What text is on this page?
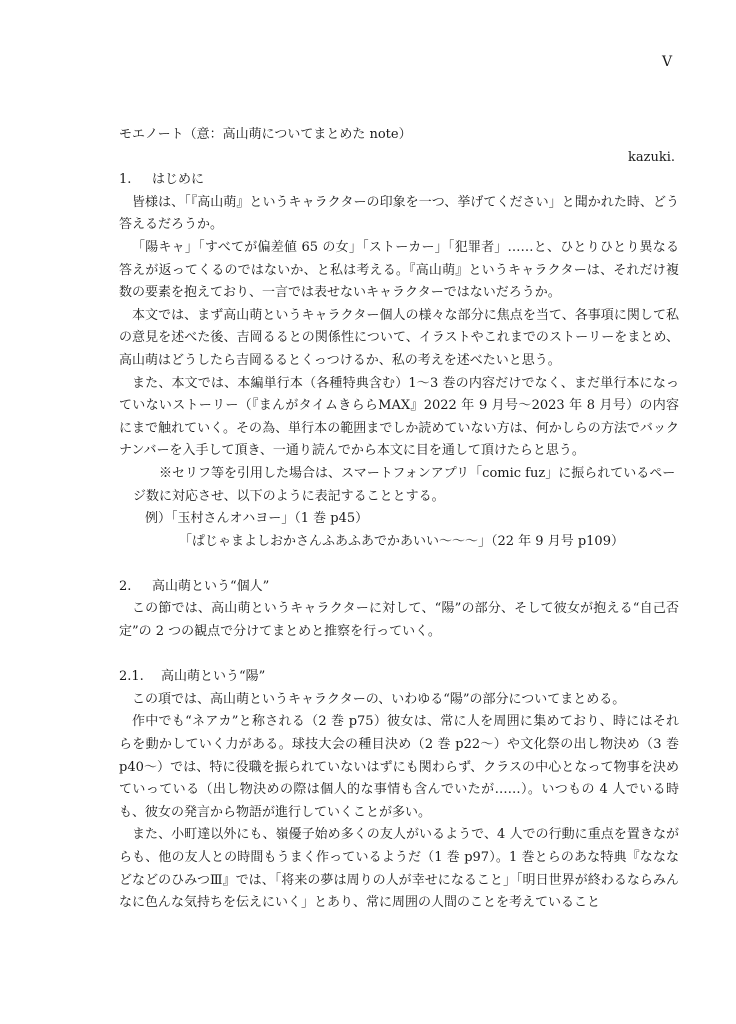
V
モエノート（意：高山萌についてまとめた note）
kazuki.
1.	はじめに

皆様は、「『高山萌』というキャラクターの印象を一つ、挙げてください」と聞かれた時、どう答えるだろうか。

「陽キャ」「すべてが偏差値 65 の女」「ストーカー」「犯罪者」……と、ひとりひとり異なる答えが返ってくるのではないか、と私は考える。『高山萌』というキャラクターは、それだけ複数の要素を抱えており、一言では表せないキャラクターではないだろうか。

本文では、まず高山萌というキャラクター個人の様々な部分に焦点を当て、各事項に関して私の意見を述べた後、吉岡るるとの関係性について、イラストやこれまでのストーリーをまとめ、高山萌はどうしたら吉岡るるとくっつけるか、私の考えを述べたいと思う。

また、本文では、本編単行本（各種特典含む）1〜3 巻の内容だけでなく、まだ単行本になっていないストーリー（『まんがタイムきららMAX』2022 年 9 月号〜2023 年 8 月号）の内容にまで触れていく。その為、単行本の範囲までしか読めていない方は、何かしらの方法でバックナンバーを入手して頂き、一通り読んでから本文に目を通して頂けたらと思う。

※セリフ等を引用した場合は、スマートフォンアプリ「comic fuz」に振られているページ数に対応させ、以下のように表記することとする。

例）「玉村さんオハヨー」（1 巻 p45）
「ぱじゃまよしおかさんふあふあでかあいい〜〜〜」（22 年 9 月号 p109）
2.	高山萌という“個人”

この節では、高山萌というキャラクターに対して、“陽”の部分、そして彼女が抱える“自己否定”の 2 つの観点で分けてまとめと推察を行っていく。

2.1.	高山萌という“陽”

この項では、高山萌というキャラクターの、いわゆる“陽”の部分についてまとめる。

作中でも“ネアカ”と称される（2 巻 p75）彼女は、常に人を周囲に集めており、時にはそれらを動かしていく力がある。球技大会の種目決め（2 巻 p22〜）や文化祭の出し物決め（3 巻 p40〜）では、特に役職を振られていないはずにも関わらず、クラスの中心となって物事を決めていっている（出し物決めの際は個人的な事情も含んでいたが……）。いつもの 4 人でいる時も、彼女の発言から物語が進行していくことが多い。

また、小町達以外にも、嶺優子始め多くの友人がいるようで、4 人での行動に重点を置きながらも、他の友人との時間もうまく作っているようだ（1 巻 p97）。1 巻とらのあな特典『なななどなどのひみつⅢ』では、「将来の夢は周りの人が幸せになること」「明日世界が終わるならみんなに色んな気持ちを伝えにいく」とあり、常に周囲の人間のことを考えていること
